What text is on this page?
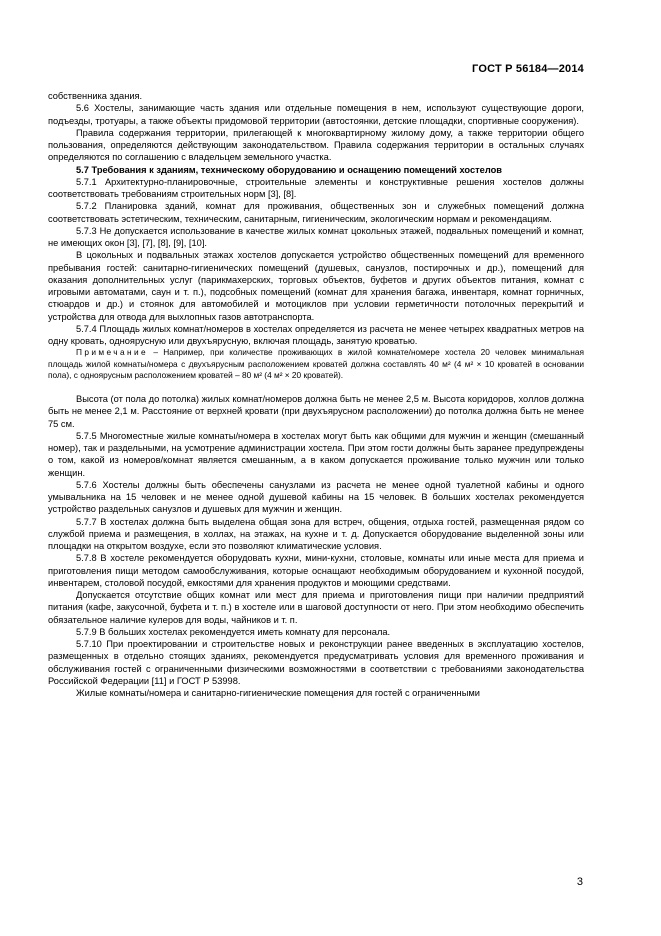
ГОСТ Р 56184—2014

собственника здания.

5.6 Хостелы, занимающие часть здания или отдельные помещения в нем, используют существующие дороги, подъезды, тротуары, а также объекты придомовой территории (автостоянки, детские площадки, спортивные сооружения).

Правила содержания территории, прилегающей к многоквартирному жилому дому, а также территории общего пользования, определяются действующим законодательством. Правила содержания территории в остальных случаях определяются по соглашению с владельцем земельного участка.

5.7 Требования к зданиям, техническому оборудованию и оснащению помещений хостелов

5.7.1 Архитектурно-планировочные, строительные элементы и конструктивные решения хостелов должны соответствовать требованиям строительных норм [3], [8].

5.7.2 Планировка зданий, комнат для проживания, общественных зон и служебных помещений должна соответствовать эстетическим, техническим, санитарным, гигиеническим, экологическим нормам и рекомендациям.

5.7.3 Не допускается использование в качестве жилых комнат цокольных этажей, подвальных помещений и комнат, не имеющих окон [3], [7], [8], [9], [10].

В цокольных и подвальных этажах хостелов допускается устройство общественных помещений для временного пребывания гостей: санитарно-гигиенических помещений (душевых, санузлов, постирочных и др.), помещений для оказания дополнительных услуг (парикмахерских, торговых объектов, буфетов и других объектов питания, комнат с игровыми автоматами, саун и т. п.), подсобных помещений (комнат для хранения багажа, инвентаря, комнат горничных, стюардов и др.) и стоянок для автомобилей и мотоциклов при условии герметичности потолочных перекрытий и устройства для отвода для выхлопных газов автотранспорта.

5.7.4 Площадь жилых комнат/номеров в хостелах определяется из расчета не менее четырех квадратных метров на одну кровать, одноярусную или двухъярусную, включая площадь, занятую кроватью.

Примечание – Например, при количестве проживающих в жилой комнате/номере хостела 20 человек минимальная площадь жилой комнаты/номера с двухъярусным расположением кроватей должна составлять 40 м² (4 м² × 10 кроватей в основании пола), с одноярусным расположением кроватей – 80 м² (4 м² × 20 кроватей).

Высота (от пола до потолка) жилых комнат/номеров должна быть не менее 2,5 м. Высота коридоров, холлов должна быть не менее 2,1 м. Расстояние от верхней кровати (при двухъярусном расположении) до потолка должна быть не менее 75 см.

5.7.5 Многоместные жилые комнаты/номера в хостелах могут быть как общими для мужчин и женщин (смешанный номер), так и раздельными, на усмотрение администрации хостела. При этом гости должны быть заранее предупреждены о том, какой из номеров/комнат является смешанным, а в каком допускается проживание только мужчин или только женщин.

5.7.6 Хостелы должны быть обеспечены санузлами из расчета не менее одной туалетной кабины и одного умывальника на 15 человек и не менее одной душевой кабины на 15 человек. В больших хостелах рекомендуется устройство раздельных санузлов и душевых для мужчин и женщин.

5.7.7 В хостелах должна быть выделена общая зона для встреч, общения, отдыха гостей, размещенная рядом со службой приема и размещения, в холлах, на этажах, на кухне и т. д. Допускается оборудование выделенной зоны или площадки на открытом воздухе, если это позволяют климатические условия.

5.7.8 В хостеле рекомендуется оборудовать кухни, мини-кухни, столовые, комнаты или иные места для приема и приготовления пищи методом самообслуживания, которые оснащают необходимым оборудованием и кухонной посудой, инвентарем, столовой посудой, емкостями для хранения продуктов и моющими средствами.

Допускается отсутствие общих комнат или мест для приема и приготовления пищи при наличии предприятий питания (кафе, закусочной, буфета и т. п.) в хостеле или в шаговой доступности от него. При этом необходимо обеспечить обязательное наличие кулеров для воды, чайников и т. п.

5.7.9 В больших хостелах рекомендуется иметь комнату для персонала.

5.7.10 При проектировании и строительстве новых и реконструкции ранее введенных в эксплуатацию хостелов, размещенных в отдельно стоящих зданиях, рекомендуется предусматривать условия для временного проживания и обслуживания гостей с ограниченными физическими возможностями в соответствии с требованиями законодательства Российской Федерации [11] и ГОСТ Р 53998.

Жилые комнаты/номера и санитарно-гигиенические помещения для гостей с ограниченными

3
